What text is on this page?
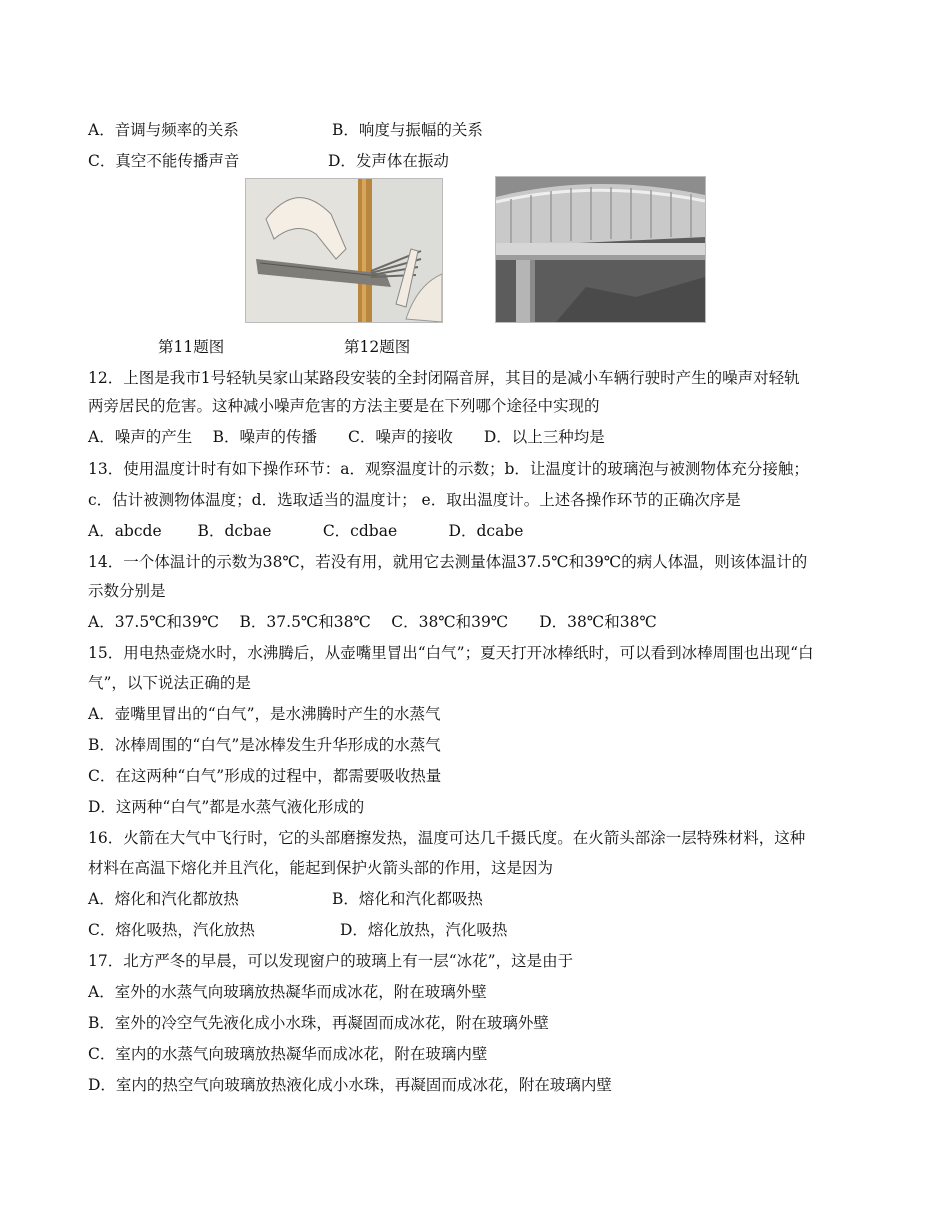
A．音调与频率的关系	B．响度与振幅的关系
C．真空不能传播声音	D．发声体在振动
第11题图	第12题图
12．上图是我市1号轻轨吴家山某路段安装的全封闭隔音屏，其目的是减小车辆行驶时产生的噪声对轻轨
两旁居民的危害。这种减小噪声危害的方法主要是在下列哪个途径中实现的
A．噪声的产生　 B．噪声的传播　　C．噪声的接收　　D．以上三种均是
13．使用温度计时有如下操作环节：a．观察温度计的示数；b．让温度计的玻璃泡与被测物体充分接触；
c．估计被测物体温度；d．选取适当的温度计； e．取出温度计。上述各操作环节的正确次序是
A．abcde　　 B．dcbae　　　 C．cdbae　　　 D．dcabe
14．一个体温计的示数为38℃，若没有用，就用它去测量体温37.5℃和39℃的病人体温，则该体温计的
示数分别是
A．37.5℃和39℃　 B．37.5℃和38℃　 C．38℃和39℃　　D．38℃和38℃
15．用电热壶烧水时，水沸腾后，从壶嘴里冒出“白气”；夏天打开冰棒纸时，可以看到冰棒周围也出现“白
气”，以下说法正确的是
A．壶嘴里冒出的“白气”，是水沸腾时产生的水蒸气
B．冰棒周围的“白气”是冰棒发生升华形成的水蒸气
C．在这两种“白气”形成的过程中，都需要吸收热量
D．这两种“白气”都是水蒸气液化形成的
16．火箭在大气中飞行时，它的头部磨擦发热，温度可达几千摄氏度。在火箭头部涂一层特殊材料，这种
材料在高温下熔化并且汽化，能起到保护火箭头部的作用，这是因为
A．熔化和汽化都放热	B．熔化和汽化都吸热
C．熔化吸热，汽化放热	D．熔化放热，汽化吸热
17．北方严冬的早晨，可以发现窗户的玻璃上有一层“冰花”，这是由于
A．室外的水蒸气向玻璃放热凝华而成冰花，附在玻璃外壁
B．室外的冷空气先液化成小水珠，再凝固而成冰花，附在玻璃外壁
C．室内的水蒸气向玻璃放热凝华而成冰花，附在玻璃内壁
D．室内的热空气向玻璃放热液化成小水珠，再凝固而成冰花，附在玻璃内壁
